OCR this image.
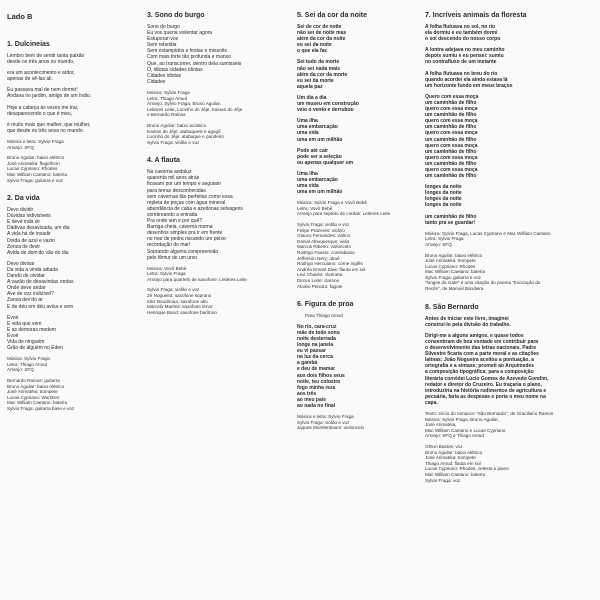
Lado B
1. Dulcineias

Lembro bem de sentir tanta paixão
desde os três anos no mundo,

era um acontecimento e ardor,
apenas de vê-las ali.

Eu passava mal de nem dormir!
Andava no jardim, amigo de um índio.

Hoje a cabeça às vezes me trai,
desaparecendo o que é meu,

é muito mais que mulher, que mulher,
que desde os três anos no mundo.

Música e letra: Sylvio Fraga
Arranjo: SFQ
Bruno Aguilar: baixo elétrico
José Arimatéia: flugelhorn
Lucas Cypriano: Rhodes
Mac William Caetano: bateria
Sylvio Fraga: guitarra e voz
2. Da vida

Devo dividir
Dúvidas indivisíveis
E deve inda vir
Dádivas desavisada, um dia
A vida há de invadir
Doida de azul e vazio
Zonza de devir
Ávida de dom'do vão do dia

Devo divisar
Da vida a vinda adiada
Dando de olvidar
A vazão de desavindas ondas
Onde deve andar
Ave de voz indizível?
Zanza dev'do ar
E de déu em déu avisa e vem

Evoé
É vida que vem
E as demoras medem
Evoé
Vida de ninguém
Grão de alguém no Éden

Música: Sylvio Fraga
Letra: Thiago Amud
Arranjo: SFQ
Bernardo Ramos: guitarra
Bruno Aguilar: baixo elétrico
José Arimatéia: trompete
Lucas Cypriano: Wurlitzer
Mac William Caetano: bateria
Sylvio Fraga: guitarra base e voz
3. Sono do burgo

Sono do burgo
Eu vos queria violentar agora
Estuporar-vos
Sem rebeldia
Sem estampidos e festas e missoês
Com mais forte tão profunda e manso
Que, ao transcorrer, dentro dela sumisseis
Ó, idiotas cidades idiotas
Cidades idiotas
Cidades

Música: Sylvio Fraga
Letra: Thiago Amud
Arranjo: Sylvio Fraga, Bruno Aguilar,
Letieres Leite, Lucinho do Jêje, Kainan do Jêje
e Bernardo Ramos
Bruno Aguilar: baixo acústico
Kainan do Jêje: atabaquest e agogô
Lucinho do Jêje: atabaque e pandeiro
Sylvio Fraga: violão e voz
4. A flauta

Na caverna andaluz
quarenta mil anos atrás
ficavam por um tempo e seguiam
para terras desconhecidas
sem cavernas tão perfeitas como essa
repleta de poças com água mineral
abundância de caba e azeitonas selvagens
sombreando a entrada
Pra onde iam e por quê?
Barriga cheia, caverna morna
desenhos simples pra ir em frente
no mar de pedra riscando um peixe:
recordação do mar!
Soprando alguma compreensão
pelo fêmur de um urso

Música: Vovô Bebê
Letra: Sylvio Fraga
Arranjo para quarteto de saxofone: Letieres Leite
Sylvio Fraga: violão e voz
Zé Nogueira: saxofone soprano
Idriz Boudrioua: saxofone alto
Marcelo Martins: saxofone tenor
Henrique Band: saxofone barítono
5. Sei da cor da noite

Sei de cor de noite
não sei de noite mas
além da cor da noite
eu sei da noite
o que ela faz

Sei tudo da morte
não sei nada mais
além da cor da morte
eu sei da morte
aquela paz

Um dia a dia
um museu em construção
veio o vento e derrubou

Uma ilha
uma embarcação
uma vida
uma em um milhão

Pode até cair
pode ser a seleção
ou apenas qualquer um

Uma ilha
uma embarcação
uma vida
uma em um milhão

Música: Sylvio Fraga e Vovô Bebê
Letra: Vovô Bebê
Arranjo para septeto de cordas: Letieres Leite
Sylvio Fraga: violão e voz
Felipe Prazeres: violino
Glauco Fernandes: violino
Daniel Albuquerque: viola
Marcus Ribeiro: violoncelo
Rodrigo Fausto: contrabaixo
Jefferson Nery: oboé
Rodrigo Herculano: corne inglês
Andréa Ernest Dias: flauta em sol
Levi Chavès: clarineta
Dirceu Leite: clarone
Aloisio Peixoto: fagote
6. Figura de proa
Para Thiago Amud

No rio, cara-cruz
mãe de todo sono
noite desterrada
longe na janela
eu vi passar
na luz da cerca
a gambá
e deu de mamar
aos dois filhos seus
noite, teu colostro
fogo minha reza
aos três
ao meu pais
ao nada no final

Música e letra: Sylvio Fraga
Sylvio Fraga: violão e voz
Jaques Morelenbaum: violoncelo
7. Incríveis animais da floresta

A folha flutuava no sol, no rio
ela dormiu e eu também dormi
o sol descendo do nosso corpo

A lontra adejava no meu caminho
depois sumiu e eu pensei: sumiu
no contrafluxo de um instante

A folha flutuava no breu do rio
quando acordei ela ainda estava lá
um horizonte fundo em meus braços

Quero com essa moça
um caminhão de filho
quero com essa moça
um caminhão de filho
quero com essa moça
um caminhão de filho
quero com essa moça
um caminhão de filho
quero com essa moça
um caminhão de filho
quero com essa moça
um caminhão de filho
quero com essa moça
um caminhão de filho

longes da noite
longes da noite
longes da noite
longes da noite

um caminhão de filho
tanto pra se guardar!

Música: Sylvio Fraga, Lucas Cypriano e Mac William Caetano
Letra: Sylvio Fraga
Arranjo: SFQ
Bruno Aguilar: baixo elétrico
José Arimatéia: trompete
Lucas Cypriano: Rhodes
Mac William Caetano: bateria
Sylvio Fraga: guitarra e voz
"longes da noite" é uma citação do poema "Evocação do
Recife", de Manuel Bandeira
8. São Bernardo

Antes de iniciar este livro, imaginei
construí-lo pela divisão do trabalho.

Dirigi-me a alguns amigos, e quase todos
consentiram de boa vontade em contribuir para
o desenvolvimento das letras nacionais. Padre
Silvestre ficaria com a parte moral e as citações
latinas; João Nogueira aceitou a pontuação, a
ortografia e a sintaxe; prometi ao Arquimedes
a composição tipográfica; para a composição
literária convidei Lúcio Gomes de Azevedo Gondim,
redator e diretor do Cruzeiro. Eu traçaria o plano,
introduziria na história rudimentos de agricultura e
pecuária, faria as despesas e poria o meu nome na
capa.

Texto: início do romance "São Bernardo", de Graciliano Ramos
Música: Sylvio Fraga, Bruno Aguilar,
José Arimatéia,
Mac William Caetano e Lucas Cypriano
Arranjo: SFQ e Thiago Amud
Othon Bastos: voz
Bruno Aguilar: baixo elétrico
José Arimatéia: trompete
Thiago Amud: flauta em sol
Lucas Cypriano: Rhodes, celesta e piano
Mac William Caetano: bateria
Sylvio Fraga: voz
